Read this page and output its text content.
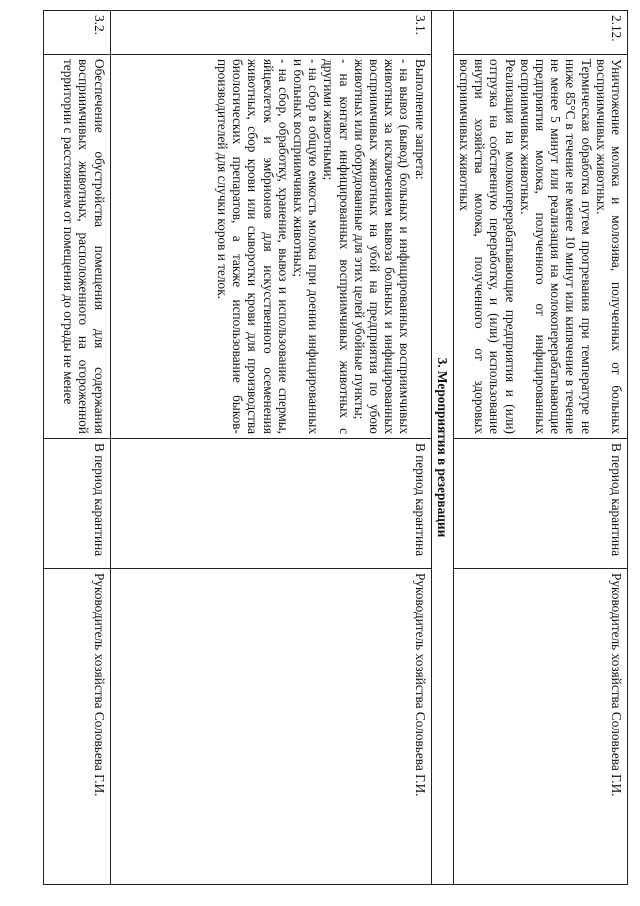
2.12.	Уничтожение молока и молозива, полученных от больных восприимчивых животных.

Термическая обработка путем прогревания при температуре не ниже 85°С в течение не менее 10 минут или кипячение в течение не менее 5 минут или реализация на молокоперерабатывающие предприятия молока, полученного от инфицированных восприимчивых животных.

Реализация на молокоперерабатывающие предприятия и (или) отгрузка на собственную переработку, и (или) использование внутри хозяйства молока, полученного от здоровых восприимчивых животных	В период карантина	Руководитель хозяйства Соловьева Г.И.
3. Мероприятия в резервации			
3.1.	Выполнение запрета:

- на вывоз (вывод) больных и инфицированных восприимчивых животных за исключением вывоза больных и инфицированных восприимчивых животных на убой на предприятия по убою животных или оборудованные для этих целей убойные пункты;

- на контакт инфицированных восприимчивых животных с другими животными;

- на сбор в общую емкость молока при доении инфицированных и больных восприимчивых животных;

- на сбор, обработку, хранение, вывоз и использование спермы, яйцеклеток и эмбрионов для искусственного осеменения животных, сбор крови или сыворотки крови для производства биологических препаратов, а также использование быков-производителей для случки коров и телок.	В период карантина	Руководитель хозяйства Соловьева Г.И.
3.2.	Обеспечение обустройства помещения для содержания восприимчивых животных, расположенного на огороженной территории с расстоянием от помещения до ограды не менее	В период карантина	Руководитель хозяйства Соловьева Г.И.
